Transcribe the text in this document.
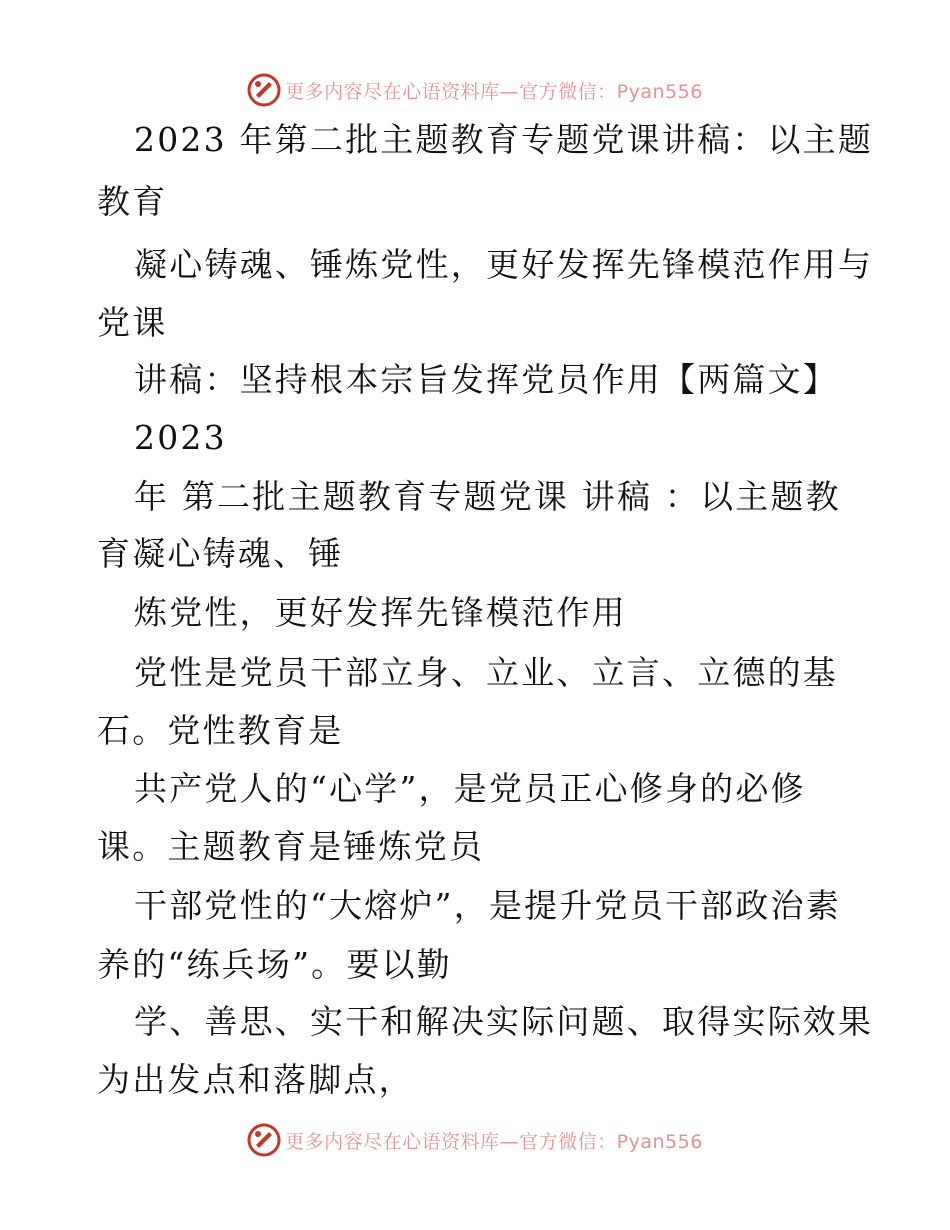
更多内容尽在心语资料库—官方微信：Pyan556
2023 年第二批主题教育专题党课讲稿：以主题
教育
凝心铸魂、锤炼党性，更好发挥先锋模范作用与
党课
讲稿：坚持根本宗旨发挥党员作用【两篇文】
2023
年 第二批主题教育专题党课 讲稿 ：以主题教
育凝心铸魂、锤
炼党性，更好发挥先锋模范作用
党性是党员干部立身、立业、立言、立德的基
石。党性教育是
共产党人的“心学”，是党员正心修身的必修
课。主题教育是锤炼党员
干部党性的“大熔炉”，是提升党员干部政治素
养的“练兵场”。要以勤
学、善思、实干和解决实际问题、取得实际效果
为出发点和落脚点，
更多内容尽在心语资料库—官方微信：Pyan556
